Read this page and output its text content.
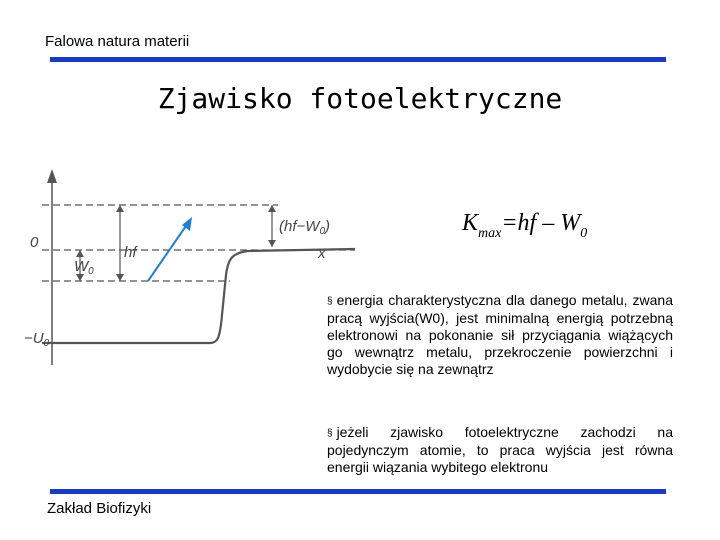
Falowa natura materii
Zjawisko fotoelektryczne
0
$W_0$
hf
$-U_0$
$(hf-W_0)$
x
$K_{max}=hf - W_0$
§ energia charakterystyczna dla danego metalu, zwana pracą wyjścia(W0), jest minimalną energią potrzebną elektronowi na pokonanie sił przyciągania wiążących go wewnątrz metalu, przekroczenie powierzchni i wydobycie się na zewnątrz
§ jeżeli zjawisko fotoelektryczne zachodzi na pojedynczym atomie, to praca wyjścia jest równa energii wiązania wybitego elektronu
Zakład Biofizyki
